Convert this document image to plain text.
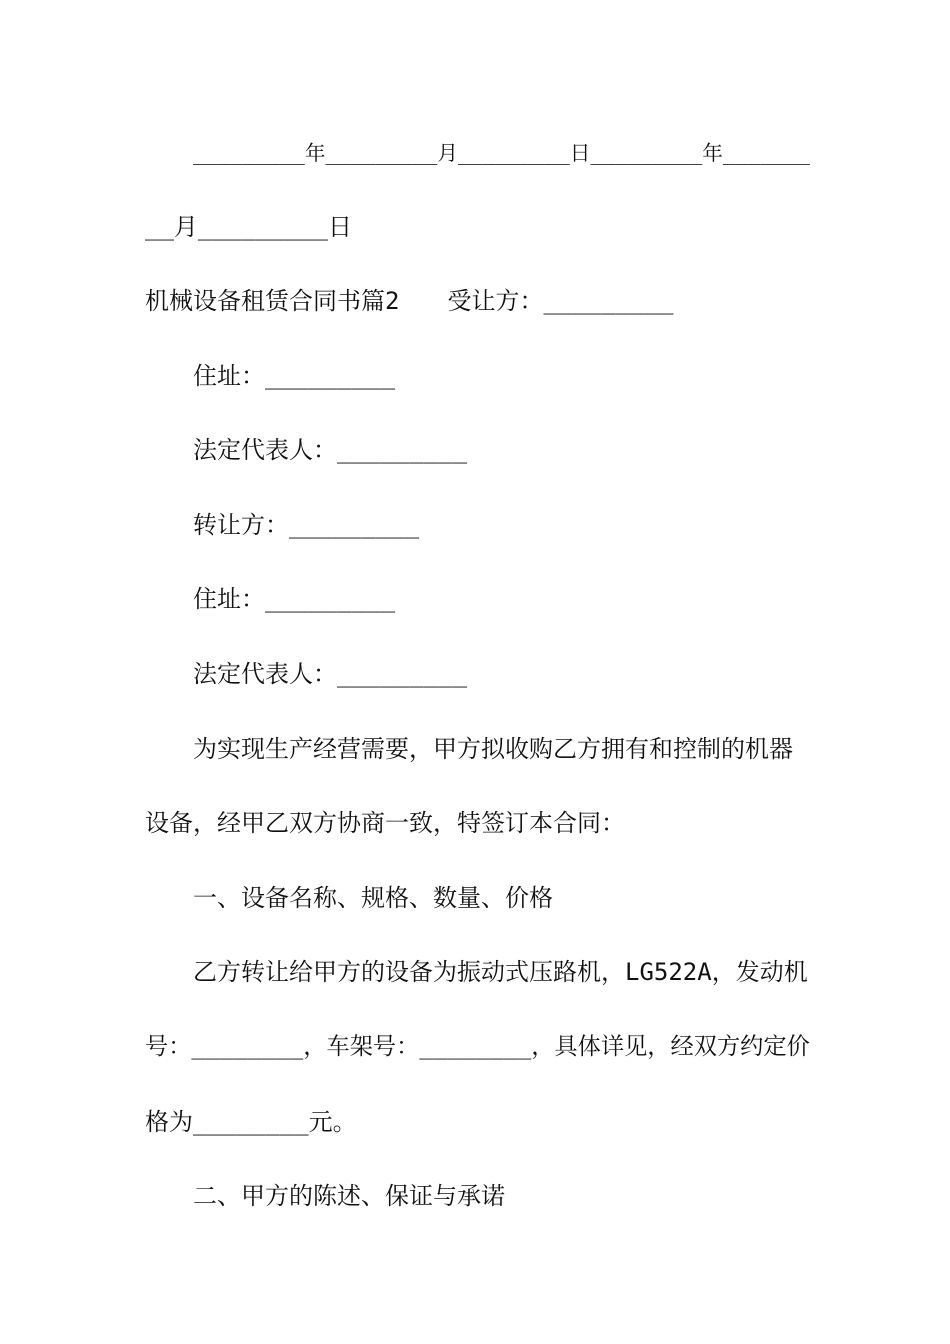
_________年_________月_________日_________年_______
__月_________日
机械设备租赁合同书篇2　　受让方：_________
住址：_________
法定代表人：_________
转让方：_________
住址：_________
法定代表人：_________
为实现生产经营需要，甲方拟收购乙方拥有和控制的机器
设备，经甲乙双方协商一致，特签订本合同：
一、设备名称、规格、数量、价格
乙方转让给甲方的设备为振动式压路机，LG522A，发动机
号：________，车架号：________，具体详见，经双方约定价
格为________元。
二、甲方的陈述、保证与承诺
